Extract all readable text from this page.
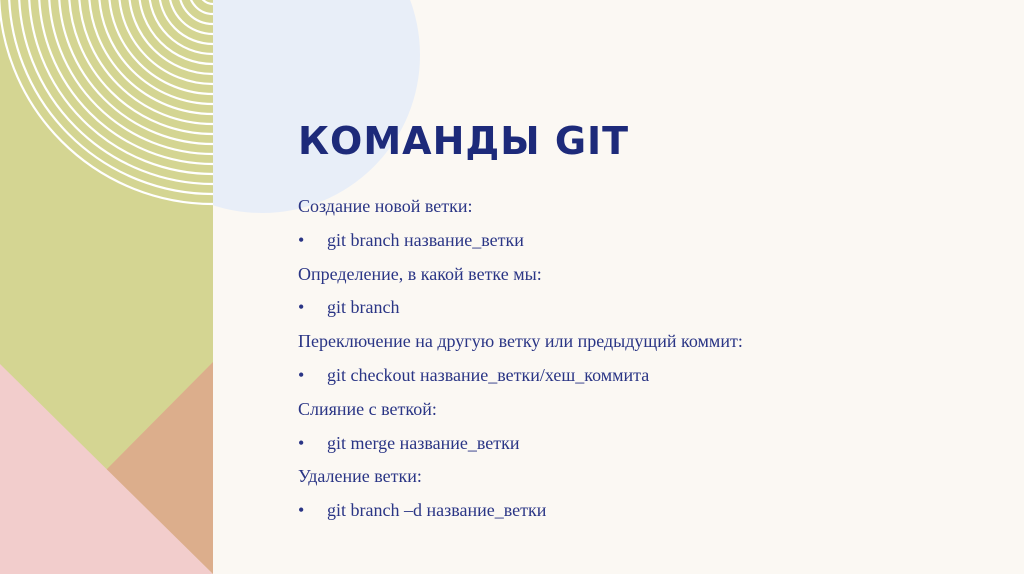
КОМАНДЫ GIT
Создание новой ветки:
•	git branch название_ветки
Определение, в какой ветке мы:
•	git branch
Переключение на другую ветку или предыдущий коммит:
•	git checkout название_ветки/хеш_коммита
Слияние с веткой:
•	git merge название_ветки
Удаление ветки:
•	git branch –d название_ветки
